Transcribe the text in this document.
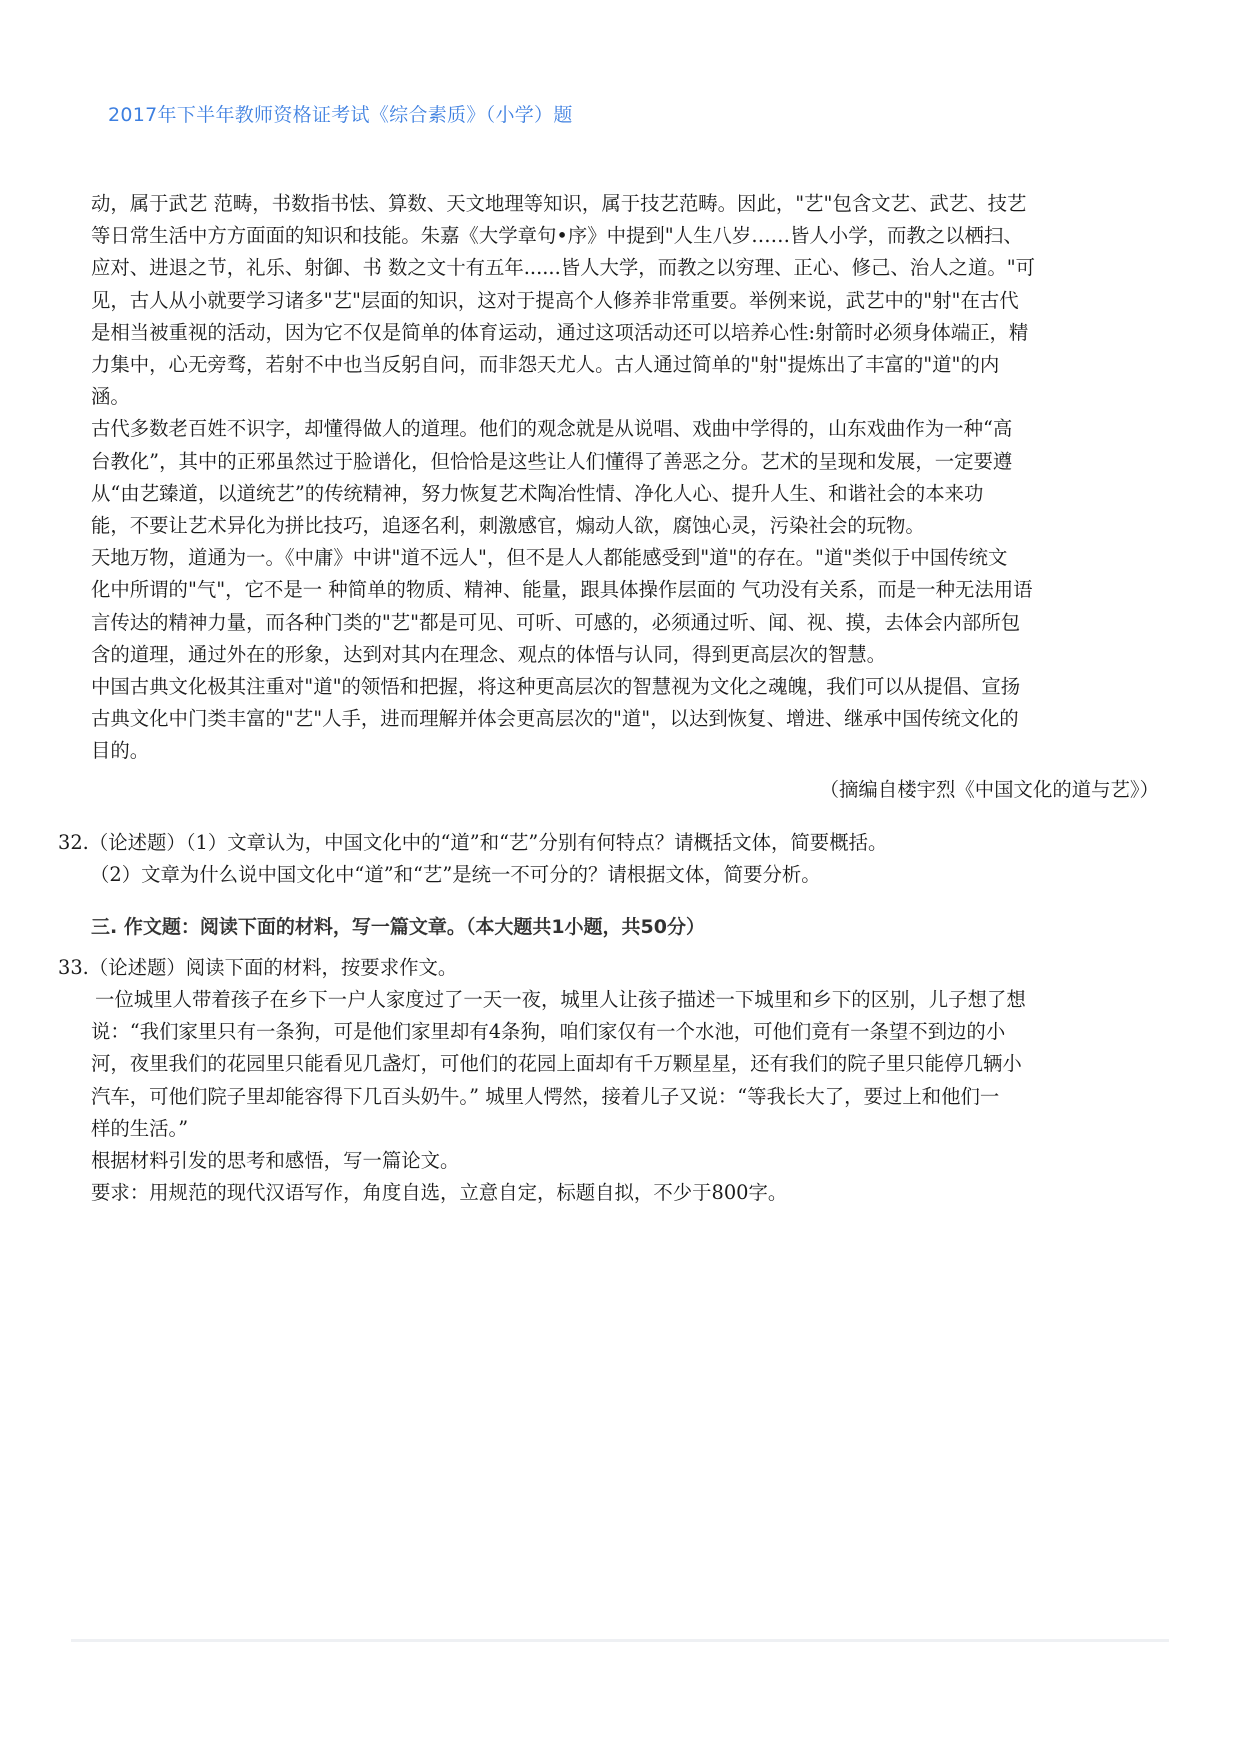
2017年下半年教师资格证考试《综合素质》（小学）题
动，属于武艺 范畴，书数指书怯、算数、天文地理等知识，属于技艺范畴。因此，"艺"包含文艺、武艺、技艺
等日常生活中方方面面的知识和技能。朱嘉《大学章句•序》中提到"人生八岁……皆人小学，而教之以栖扫、
应对、进退之节，礼乐、射御、书 数之文十有五年......皆人大学，而教之以穷理、正心、修己、治人之道。"可
见，古人从小就要学习诸多"艺"层面的知识，这对于提高个人修养非常重要。举例来说，武艺中的"射"在古代
是相当被重视的活动，因为它不仅是简单的体育运动，通过这项活动还可以培养心性:射箭时必须身体端正，精
力集中，心无旁骛，若射不中也当反躬自问，而非怨天尤人。古人通过简单的"射"提炼出了丰富的"道"的内
涵。
古代多数老百姓不识字，却懂得做人的道理。他们的观念就是从说唱、戏曲中学得的，山东戏曲作为一种“高
台教化”，其中的正邪虽然过于脸谱化，但恰恰是这些让人们懂得了善恶之分。艺术的呈现和发展，一定要遵
从“由艺臻道，以道统艺”的传统精神，努力恢复艺术陶冶性情、净化人心、提升人生、和谐社会的本来功
能，不要让艺术异化为拼比技巧，追逐名利，刺激感官，煽动人欲，腐蚀心灵，污染社会的玩物。
天地万物，道通为一。《中庸》中讲"道不远人"，但不是人人都能感受到"道"的存在。"道"类似于中国传统文
化中所谓的"气"，它不是一 种简单的物质、精神、能量，跟具体操作层面的 气功没有关系，而是一种无法用语
言传达的精神力量，而各种门类的"艺"都是可见、可听、可感的，必须通过听、闻、视、摸，去体会内部所包
含的道理，通过外在的形象，达到对其内在理念、观点的体悟与认同，得到更高层次的智慧。
中国古典文化极其注重对"道"的领悟和把握，将这种更高层次的智慧视为文化之魂魄，我们可以从提倡、宣扬
古典文化中门类丰富的"艺"人手，进而理解并体会更高层次的"道"，以达到恢复、增进、继承中国传统文化的
目的。
（摘编自楼宇烈《中国文化的道与艺》）
32.（论述题）（1）文章认为，中国文化中的“道”和“艺”分别有何特点？请概括文体，简要概括。
（2）文章为什么说中国文化中“道”和“艺”是统一不可分的？请根据文体，简要分析。
三. 作文题：阅读下面的材料，写一篇文章。（本大题共1小题，共50分）
33.（论述题）阅读下面的材料，按要求作文。
一位城里人带着孩子在乡下一户人家度过了一天一夜，城里人让孩子描述一下城里和乡下的区别，儿子想了想
说：“我们家里只有一条狗，可是他们家里却有4条狗，咱们家仅有一个水池，可他们竟有一条望不到边的小
河，夜里我们的花园里只能看见几盏灯，可他们的花园上面却有千万颗星星，还有我们的院子里只能停几辆小
汽车，可他们院子里却能容得下几百头奶牛。” 城里人愕然，接着儿子又说：“等我长大了，要过上和他们一
样的生活。”
根据材料引发的思考和感悟，写一篇论文。
要求：用规范的现代汉语写作，角度自选，立意自定，标题自拟，不少于800字。
